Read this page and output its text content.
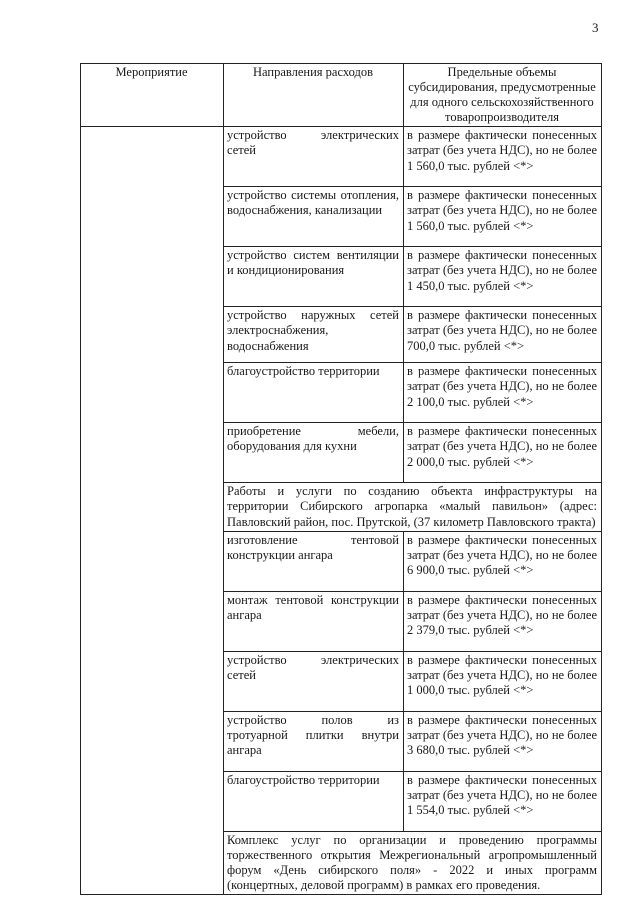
3
Мероприятие	Направления расходов	Предельные объемы субсидирования, предусмотренные для одного сельскохозяйственного товаропроизводителя
	устройство электрических сетей	в размере фактически понесенных затрат (без учета НДС), но не более 1 560,0 тыс. рублей <*>
	устройство системы отопления, водоснабжения, канализации	в размере фактически понесенных затрат (без учета НДС), но не более 1 560,0 тыс. рублей <*>
	устройство систем вентиляции и кондиционирования	в размере фактически понесенных затрат (без учета НДС), но не более 1 450,0 тыс. рублей <*>
	устройство наружных сетей электроснабжения, водоснабжения	в размере фактически понесенных затрат (без учета НДС), но не более 700,0 тыс. рублей <*>
	благоустройство территории	в размере фактически понесенных затрат (без учета НДС), но не более 2 100,0 тыс. рублей <*>
	приобретение мебели, оборудования для кухни	в размере фактически понесенных затрат (без учета НДС), но не более 2 000,0 тыс. рублей <*>
	Работы и услуги по созданию объекта инфраструктуры на территории Сибирского агропарка «малый павильон» (адрес: Павловский район, пос. Прутской, (37 километр Павловского тракта)	
	изготовление тентовой конструкции ангара	в размере фактически понесенных затрат (без учета НДС), но не более 6 900,0 тыс. рублей <*>
	монтаж тентовой конструкции ангара	в размере фактически понесенных затрат (без учета НДС), но не более 2 379,0 тыс. рублей <*>
	устройство электрических сетей	в размере фактически понесенных затрат (без учета НДС), но не более 1 000,0 тыс. рублей <*>
	устройство полов из тротуарной плитки внутри ангара	в размере фактически понесенных затрат (без учета НДС), но не более 3 680,0 тыс. рублей <*>
	благоустройство территории	в размере фактически понесенных затрат (без учета НДС), но не более 1 554,0 тыс. рублей <*>
	Комплекс услуг по организации и проведению программы торжественного открытия Межрегиональный агропромышленный форум «День сибирского поля» - 2022 и иных программ (концертных, деловой программ) в рамках его проведения.	
